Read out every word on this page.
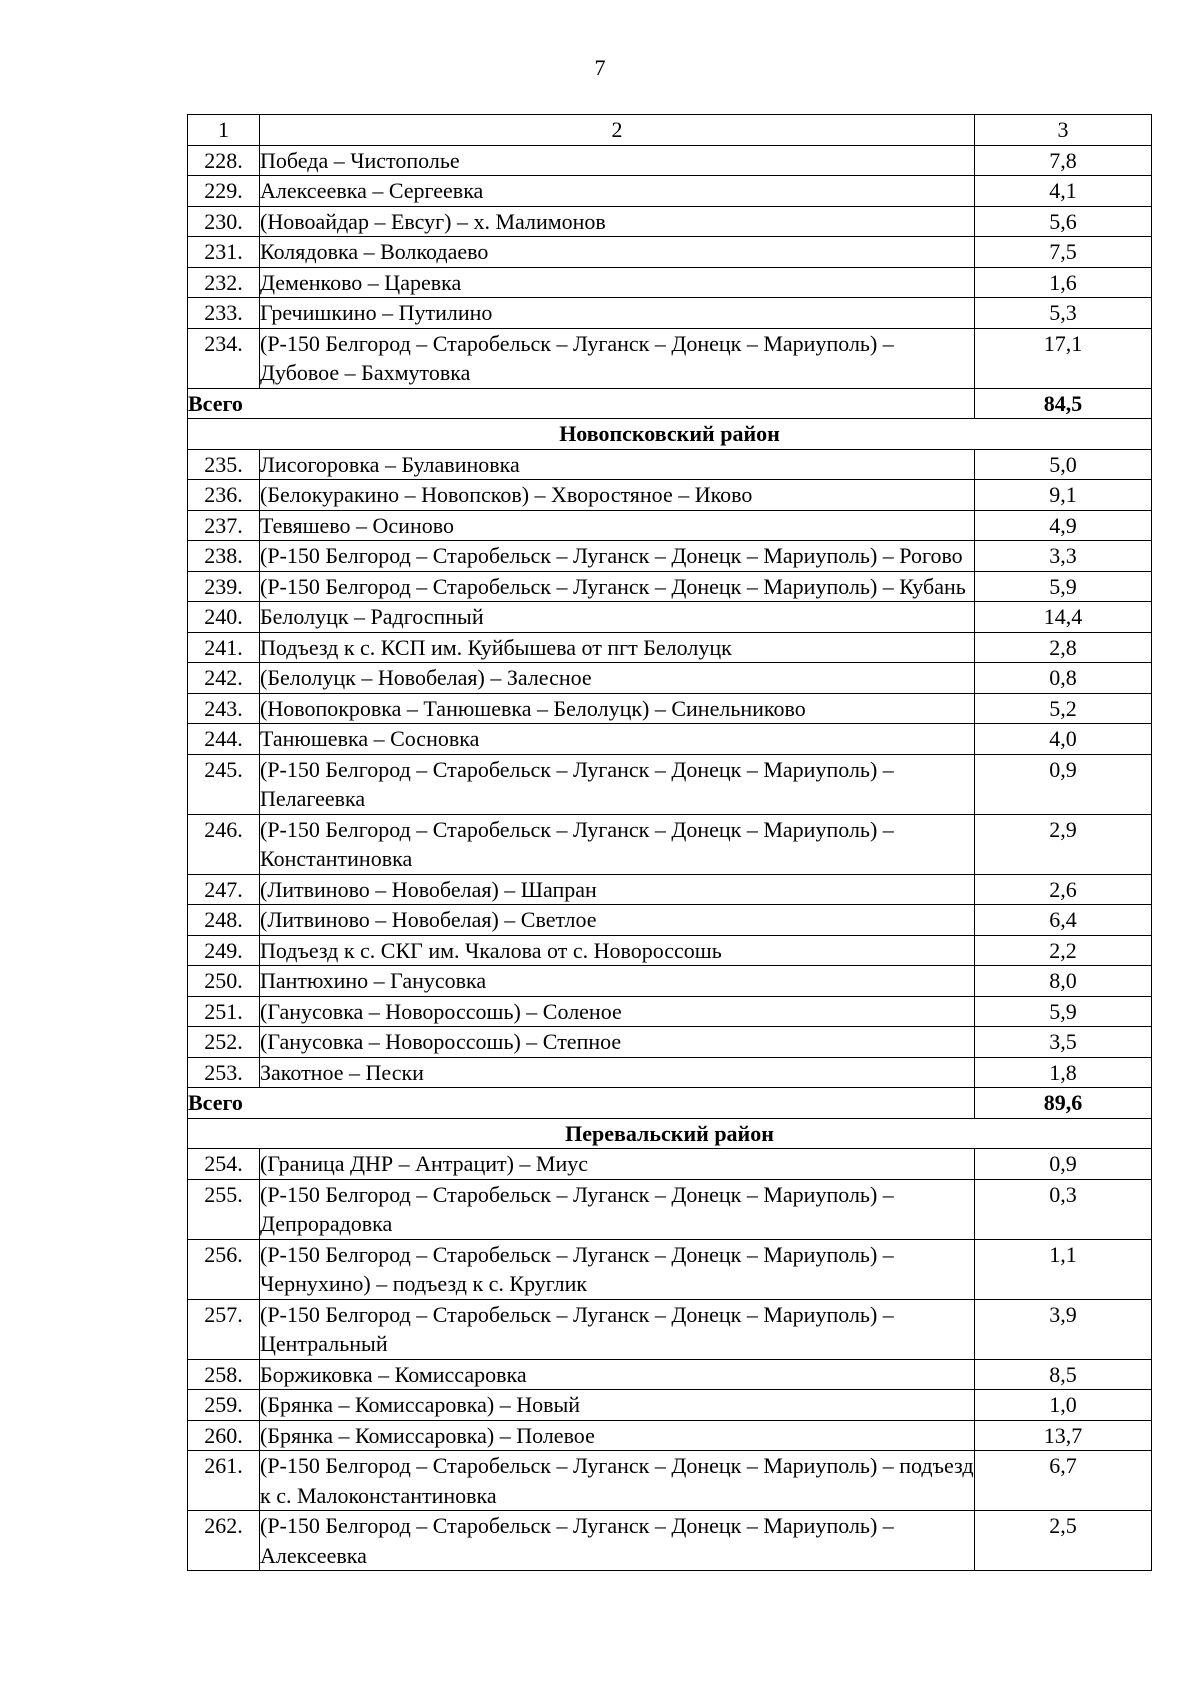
7
1	2	3
228.	Победа – Чистополье	7,8
229.	Алексеевка – Сергеевка	4,1
230.	(Новоайдар – Евсуг) – х. Малимонов	5,6
231.	Колядовка – Волкодаево	7,5
232.	Деменково – Царевка	1,6
233.	Гречишкино – Путилино	5,3
234.	(Р-150 Белгород – Старобельск – Луганск – Донецк – Мариуполь) – Дубовое – Бахмутовка	17,1
Всего		84,5
Новопсковский район		
235.	Лисогоровка – Булавиновка	5,0
236.	(Белокуракино – Новопсков) – Хворостяное – Иково	9,1
237.	Тевяшево – Осиново	4,9
238.	(Р-150 Белгород – Старобельск – Луганск – Донецк – Мариуполь) – Рогово	3,3
239.	(Р-150 Белгород – Старобельск – Луганск – Донецк – Мариуполь) – Кубань	5,9
240.	Белолуцк – Радгоспный	14,4
241.	Подъезд к с. КСП им. Куйбышева от пгт Белолуцк	2,8
242.	(Белолуцк – Новобелая) – Залесное	0,8
243.	(Новопокровка – Танюшевка – Белолуцк) – Синельниково	5,2
244.	Танюшевка – Сосновка	4,0
245.	(Р-150 Белгород – Старобельск – Луганск – Донецк – Мариуполь) – Пелагеевка	0,9
246.	(Р-150 Белгород – Старобельск – Луганск – Донецк – Мариуполь) – Константиновка	2,9
247.	(Литвиново – Новобелая) – Шапран	2,6
248.	(Литвиново – Новобелая) – Светлое	6,4
249.	Подъезд к с. СКГ им. Чкалова от с. Новороссошь	2,2
250.	Пантюхино – Ганусовка	8,0
251.	(Ганусовка – Новороссошь) – Соленое	5,9
252.	(Ганусовка – Новороссошь) – Степное	3,5
253.	Закотное – Пески	1,8
Всего		89,6
Перевальский район		
254.	(Граница ДНР – Антрацит) – Миус	0,9
255.	(Р-150 Белгород – Старобельск – Луганск – Донецк – Мариуполь) – Депрорадовка	0,3
256.	(Р-150 Белгород – Старобельск – Луганск – Донецк – Мариуполь) – Чернухино) – подъезд к с. Круглик	1,1
257.	(Р-150 Белгород – Старобельск – Луганск – Донецк – Мариуполь) – Центральный	3,9
258.	Боржиковка – Комиссаровка	8,5
259.	(Брянка – Комиссаровка) – Новый	1,0
260.	(Брянка – Комиссаровка) – Полевое	13,7
261.	(Р-150 Белгород – Старобельск – Луганск – Донецк – Мариуполь) – подъезд к с. Малоконстантиновка	6,7
262.	(Р-150 Белгород – Старобельск – Луганск – Донецк – Мариуполь) – Алексеевка	2,5
